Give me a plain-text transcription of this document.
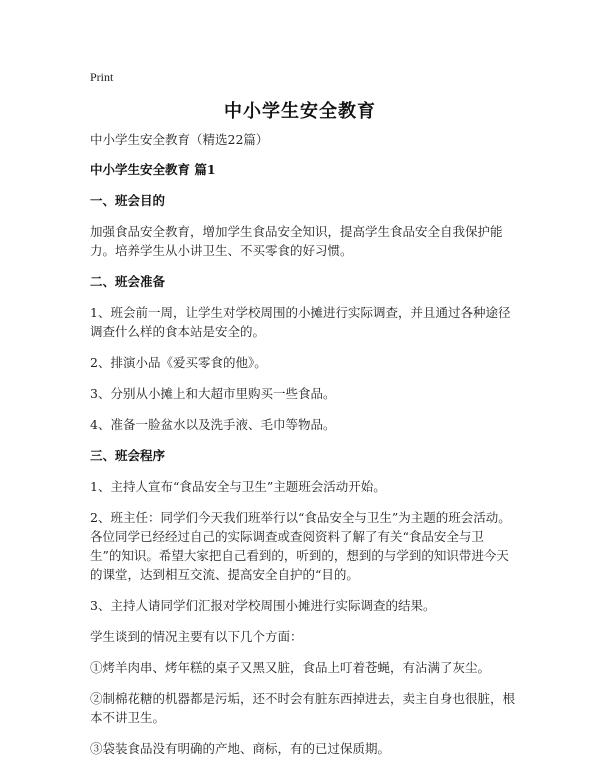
Print
中小学生安全教育

中小学生安全教育（精选22篇）

中小学生安全教育 篇1

一、班会目的

加强食品安全教育，增加学生食品安全知识，提高学生食品安全自我保护能力。培养学生从小讲卫生、不买零食的好习惯。

二、班会准备

1、班会前一周，让学生对学校周围的小摊进行实际调查，并且通过各种途径调查什么样的食本站是安全的。

2、排演小品《爱买零食的他》。

3、分别从小摊上和大超市里购买一些食品。

4、准备一脸盆水以及洗手液、毛巾等物品。

三、班会程序

1、主持人宣布“食品安全与卫生”主题班会活动开始。

2、班主任：同学们今天我们班举行以“食品安全与卫生”为主题的班会活动。各位同学已经经过自己的实际调查或查阅资料了解了有关“食品安全与卫生”的知识。希望大家把自己看到的，听到的，想到的与学到的知识带进今天的课堂，达到相互交流、提高安全自护的“目的。

3、主持人请同学们汇报对学校周围小摊进行实际调查的结果。

学生谈到的情况主要有以下几个方面：

①烤羊肉串、烤年糕的桌子又黑又脏，食品上叮着苍蝇，有沾满了灰尘。

②制棉花糖的机器都是污垢，还不时会有脏东西掉进去，卖主自身也很脏，根本不讲卫生。

③袋装食品没有明确的产地、商标，有的已过保质期。
